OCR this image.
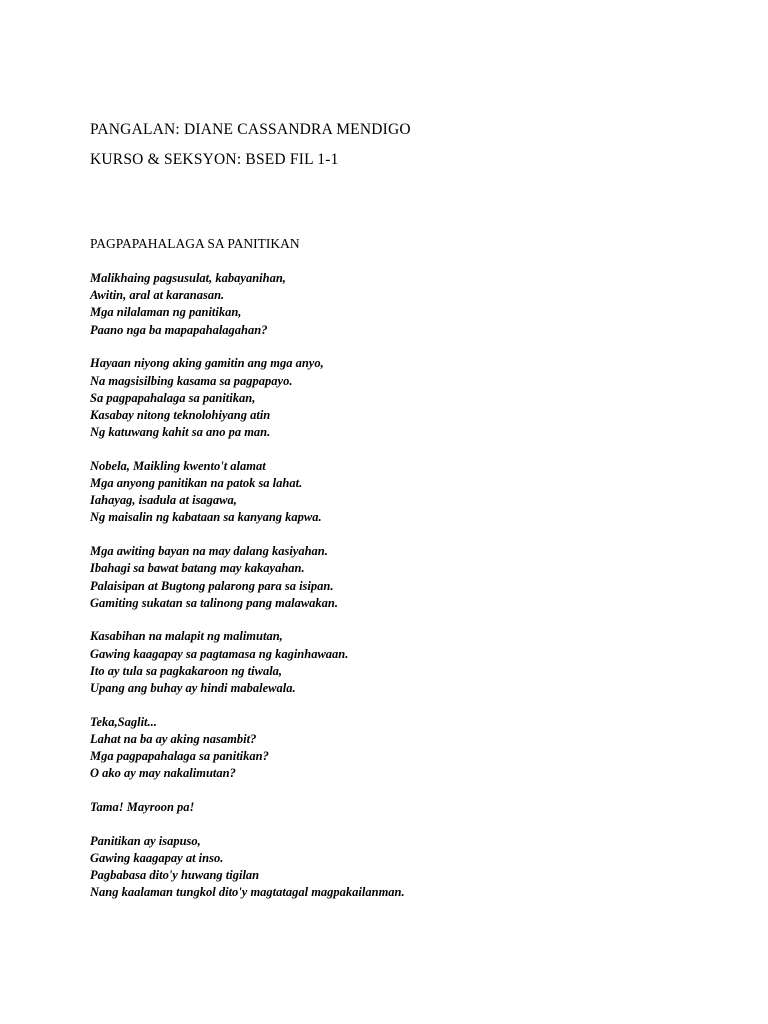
PANGALAN: DIANE CASSANDRA MENDIGO
KURSO & SEKSYON: BSED FIL 1-1
PAGPAPAHALAGA SA PANITIKAN
Malikhaing pagsusulat, kabayanihan,
Awitin, aral at karanasan.
Mga nilalaman ng panitikan,
Paano nga ba mapapahalagahan?
Hayaan niyong aking gamitin ang mga anyo,
Na magsisilbing kasama sa pagpapayo.
Sa pagpapahalaga sa panitikan,
Kasabay nitong teknolohiyang atin
Ng katuwang kahit sa ano pa man.
Nobela, Maikling kwento't alamat
Mga anyong panitikan na patok sa lahat.
Iahayag, isadula at isagawa,
Ng maisalin ng kabataan sa kanyang kapwa.
Mga awiting bayan na may dalang kasiyahan.
Ibahagi sa bawat batang may kakayahan.
Palaisipan at Bugtong palarong para sa isipan.
Gamiting sukatan sa talinong pang malawakan.
Kasabihan na malapit ng malimutan,
Gawing kaagapay sa pagtamasa ng kaginhawaan.
Ito ay tula sa pagkakaroon ng tiwala,
Upang ang buhay ay hindi mabalewala.
Teka,Saglit...
Lahat na ba ay aking nasambit?
Mga pagpapahalaga sa panitikan?
O ako ay may nakalimutan?
Tama! Mayroon pa!
Panitikan ay isapuso,
Gawing kaagapay at inso.
Pagbabasa dito'y huwang tigilan
Nang kaalaman tungkol dito'y magtatagal magpakailanman.
